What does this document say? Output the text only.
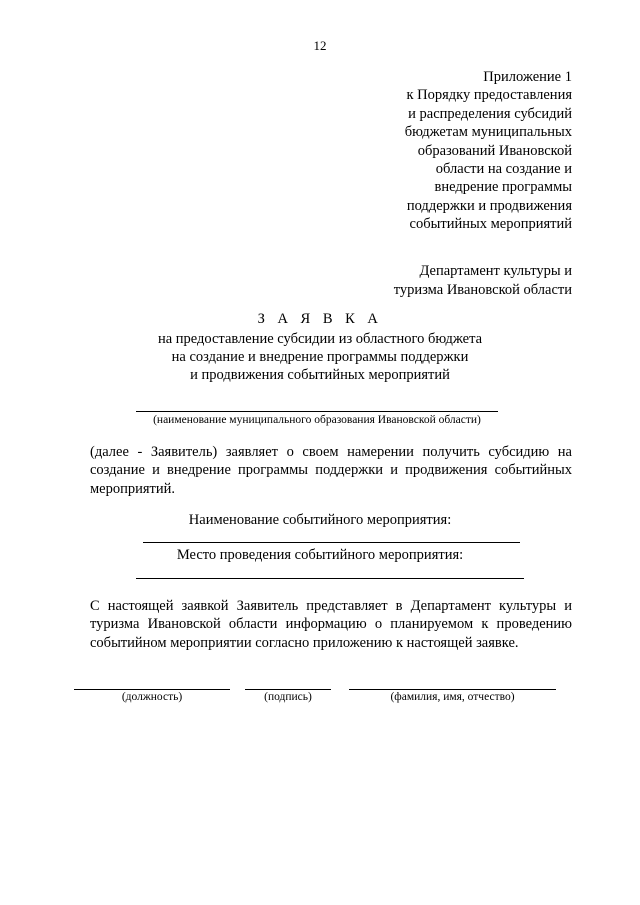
12
Приложение 1
к Порядку предоставления
и распределения субсидий
бюджетам муниципальных
образований Ивановской
области на создание и
внедрение программы
поддержки и продвижения
событийных мероприятий
Департамент культуры и
туризма Ивановской области
З А Я В К А
на предоставление субсидии из областного бюджета
на создание и внедрение программы поддержки
и продвижения событийных мероприятий
(наименование муниципального образования Ивановской области)
(далее - Заявитель) заявляет о своем намерении получить субсидию на
создание и внедрение программы поддержки и продвижения событийных
мероприятий.
Наименование событийного мероприятия:
Место проведения событийного мероприятия:
С настоящей заявкой Заявитель представляет в Департамент культуры и
туризма Ивановской области информацию о планируемом к проведению
событийном мероприятии согласно приложению к настоящей заявке.
(должность)	(подпись)	(фамилия, имя, отчество)
